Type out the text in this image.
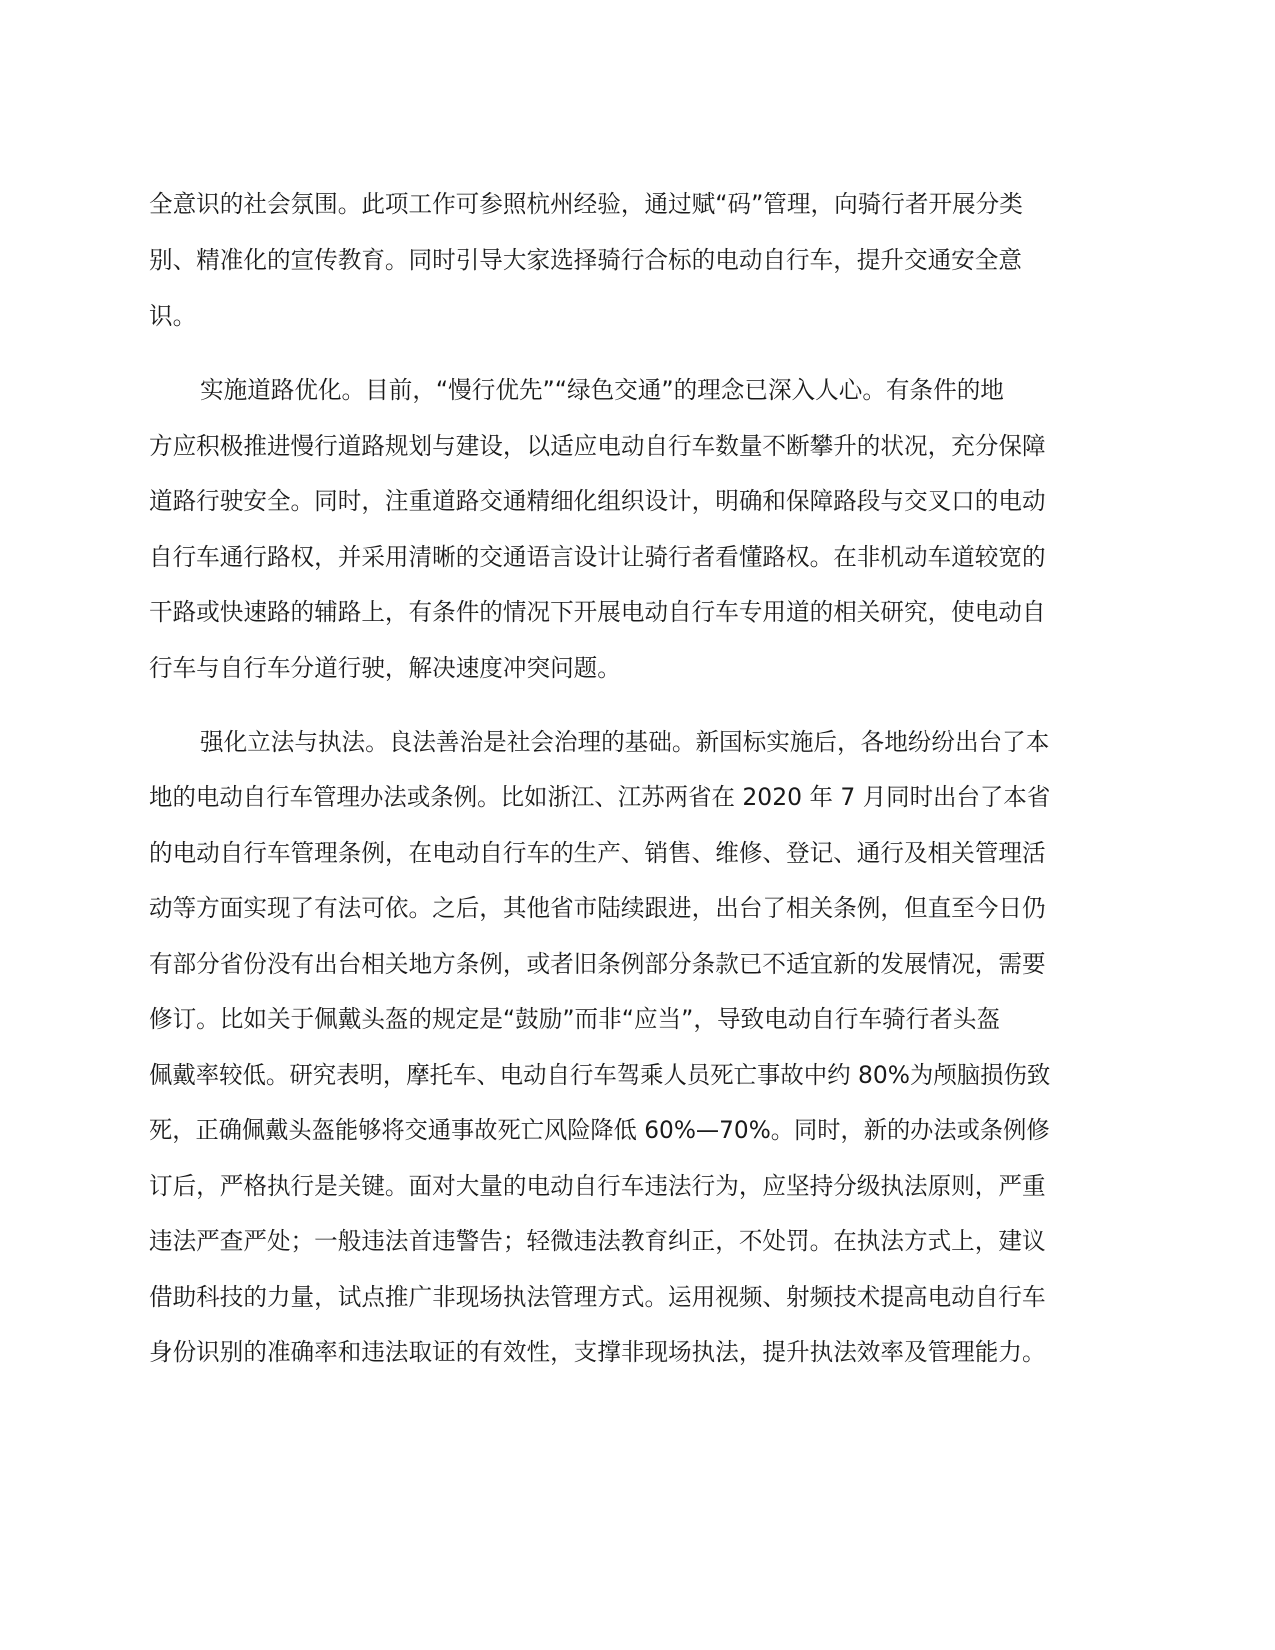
全意识的社会氛围。此项工作可参照杭州经验，通过赋“码”管理，向骑行者开展分类
别、精准化的宣传教育。同时引导大家选择骑行合标的电动自行车，提升交通安全意
识。
实施道路优化。目前，“慢行优先”“绿色交通”的理念已深入人心。有条件的地
方应积极推进慢行道路规划与建设，以适应电动自行车数量不断攀升的状况，充分保障
道路行驶安全。同时，注重道路交通精细化组织设计，明确和保障路段与交叉口的电动
自行车通行路权，并采用清晰的交通语言设计让骑行者看懂路权。在非机动车道较宽的
干路或快速路的辅路上，有条件的情况下开展电动自行车专用道的相关研究，使电动自
行车与自行车分道行驶，解决速度冲突问题。
强化立法与执法。良法善治是社会治理的基础。新国标实施后，各地纷纷出台了本
地的电动自行车管理办法或条例。比如浙江、江苏两省在 2020 年 7 月同时出台了本省
的电动自行车管理条例，在电动自行车的生产、销售、维修、登记、通行及相关管理活
动等方面实现了有法可依。之后，其他省市陆续跟进，出台了相关条例，但直至今日仍
有部分省份没有出台相关地方条例，或者旧条例部分条款已不适宜新的发展情况，需要
修订。比如关于佩戴头盔的规定是“鼓励”而非“应当”，导致电动自行车骑行者头盔
佩戴率较低。研究表明，摩托车、电动自行车驾乘人员死亡事故中约 80%为颅脑损伤致
死，正确佩戴头盔能够将交通事故死亡风险降低 60%—70%。同时，新的办法或条例修
订后，严格执行是关键。面对大量的电动自行车违法行为，应坚持分级执法原则，严重
违法严查严处；一般违法首违警告；轻微违法教育纠正，不处罚。在执法方式上，建议
借助科技的力量，试点推广非现场执法管理方式。运用视频、射频技术提高电动自行车
身份识别的准确率和违法取证的有效性，支撑非现场执法，提升执法效率及管理能力。
